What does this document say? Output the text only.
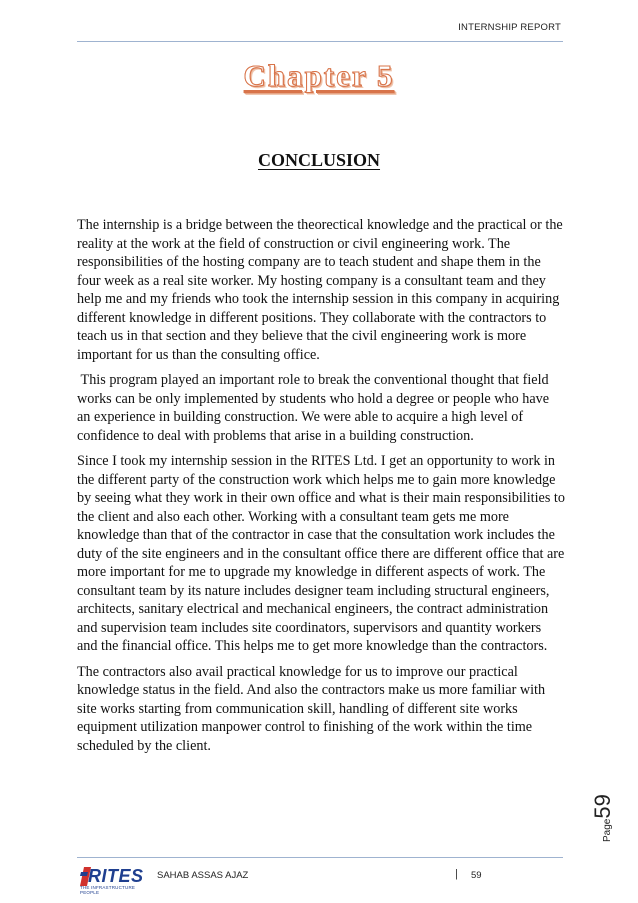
INTERNSHIP REPORT
Chapter 5
CONCLUSION

The internship is a bridge between the theorectical knowledge and the practical or the reality at the work at the field of construction or civil engineering work. The responsibilities of the hosting company are to teach student and shape them in the four week as a real site worker. My hosting company is a consultant team and they help me and my friends who took the internship session in this company in acquiring different knowledge in different positions. They collaborate with the contractors to teach us in that section and they believe that the civil engineering work is more important for us than the consulting office.

This program played an important role to break the conventional thought that field works can be only implemented by students who hold a degree or people who have an experience in building construction. We were able to acquire a high level of confidence to deal with problems that arise in a building construction.

Since I took my internship session in the RITES Ltd. I get an opportunity to work in the different party of the construction work which helps me to gain more knowledge by seeing what they work in their own office and what is their main responsibilities to the client and also each other. Working with a consultant team gets me more knowledge than that of the contractor in case that the consultation work includes the duty of the site engineers and in the consultant office there are different office that are more important for me to upgrade my knowledge in different aspects of work. The consultant team by its nature includes designer team including structural engineers, architects, sanitary electrical and mechanical engineers, the contract administration and supervision team includes site coordinators, supervisors and quantity workers and the financial office. This helps me to get more knowledge than the contractors.

The contractors also avail practical knowledge for us to improve our practical knowledge status in the field. And also the contractors make us more familiar with site works starting from communication skill, handling of different site works equipment utilization manpower control to finishing of the work within the time scheduled by the client.

Page59
RITES
THE INFRASTRUCTURE PEOPLE
SAHAB ASSAS AJAZ	| 59
